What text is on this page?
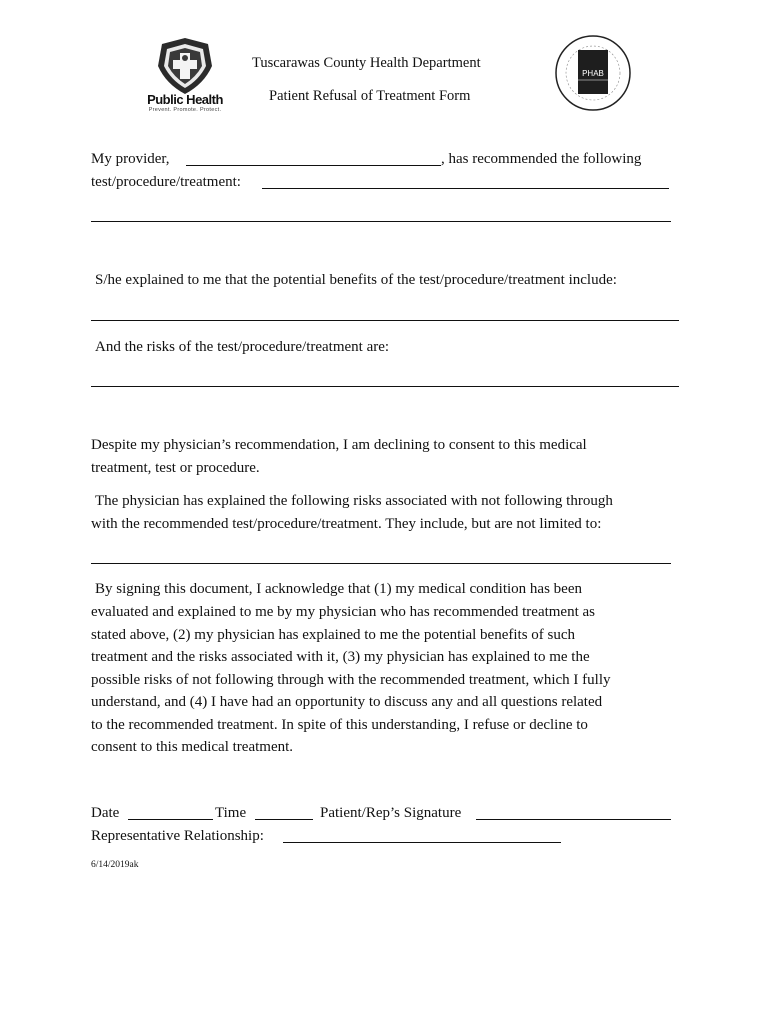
Public Health
Prevent. Promote. Protect.
Tuscarawas County Health Department
Patient Refusal of Treatment Form
PHAB
My provider,	, has recommended the following
test/procedure/treatment:
S/he explained to me that the potential benefits of the test/procedure/treatment include:
And the risks of the test/procedure/treatment are:
Despite my physician’s recommendation, I am declining to consent to this medical
treatment, test or procedure.
The physician has explained the following risks associated with not following through
with the recommended test/procedure/treatment. They include, but are not limited to:
By signing this document, I acknowledge that (1) my medical condition has been
evaluated and explained to me by my physician who has recommended treatment as
stated above, (2) my physician has explained to me the potential benefits of such
treatment and the risks associated with it, (3) my physician has explained to me the
possible risks of not following through with the recommended treatment, which I fully
understand, and (4) I have had an opportunity to discuss any and all questions related
to the recommended treatment. In spite of this understanding, I refuse or decline to
consent to this medical treatment.
Date	Time	Patient/Rep’s Signature
Representative Relationship:
6/14/2019ak
